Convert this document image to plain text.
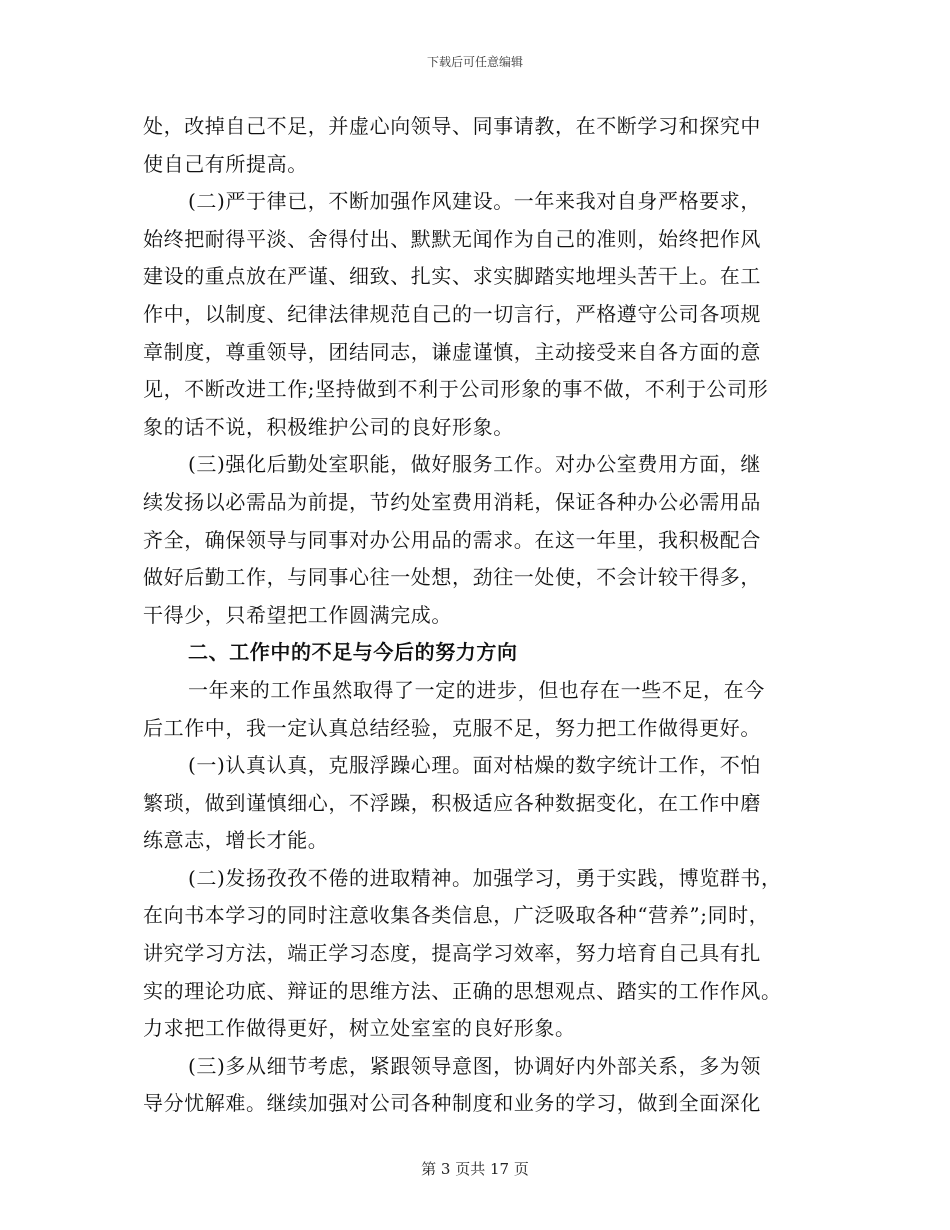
下载后可任意编辑
处，改掉自己不足，并虚心向领导、同事请教，在不断学习和探究中
使自己有所提高。
(二)严于律已，不断加强作风建设。一年来我对自身严格要求，
始终把耐得平淡、舍得付出、默默无闻作为自己的准则，始终把作风
建设的重点放在严谨、细致、扎实、求实脚踏实地埋头苦干上。在工
作中，以制度、纪律法律规范自己的一切言行，严格遵守公司各项规
章制度，尊重领导，团结同志，谦虚谨慎，主动接受来自各方面的意
见，不断改进工作;坚持做到不利于公司形象的事不做，不利于公司形
象的话不说，积极维护公司的良好形象。
(三)强化后勤处室职能，做好服务工作。对办公室费用方面，继
续发扬以必需品为前提，节约处室费用消耗，保证各种办公必需用品
齐全，确保领导与同事对办公用品的需求。在这一年里，我积极配合
做好后勤工作，与同事心往一处想，劲往一处使，不会计较干得多，
干得少，只希望把工作圆满完成。
二、工作中的不足与今后的努力方向
一年来的工作虽然取得了一定的进步，但也存在一些不足，在今
后工作中，我一定认真总结经验，克服不足，努力把工作做得更好。
(一)认真认真，克服浮躁心理。面对枯燥的数字统计工作，不怕
繁琐，做到谨慎细心，不浮躁，积极适应各种数据变化，在工作中磨
练意志，增长才能。
(二)发扬孜孜不倦的进取精神。加强学习，勇于实践，博览群书，
在向书本学习的同时注意收集各类信息，广泛吸取各种“营养”;同时，
讲究学习方法，端正学习态度，提高学习效率，努力培育自己具有扎
实的理论功底、辩证的思维方法、正确的思想观点、踏实的工作作风。
力求把工作做得更好，树立处室室的良好形象。
(三)多从细节考虑，紧跟领导意图，协调好内外部关系，多为领
导分忧解难。继续加强对公司各种制度和业务的学习，做到全面深化
第 3 页共 17 页
